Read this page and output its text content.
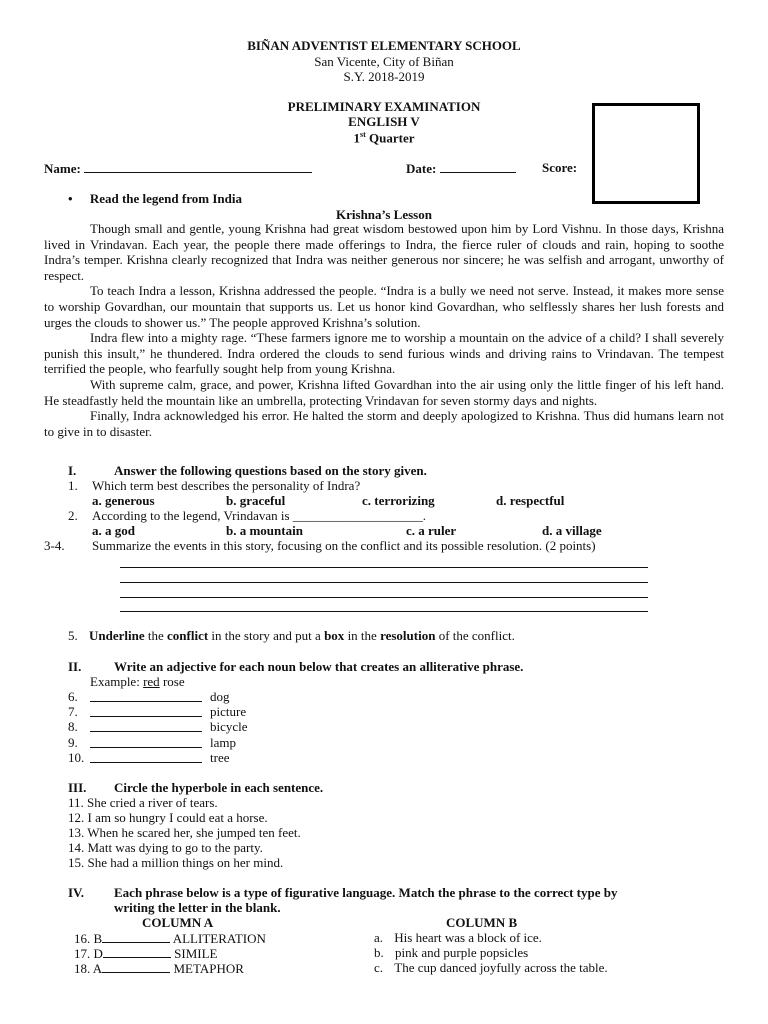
BIÑAN ADVENTIST ELEMENTARY SCHOOL
San Vicente, City of Biñan
S.Y. 2018-2019
PRELIMINARY EXAMINATION
ENGLISH V
1st Quarter
Name:	Date:	Score:
• Read the legend from India
Krishna’s Lesson

Though small and gentle, young Krishna had great wisdom bestowed upon him by Lord Vishnu. In those days, Krishna lived in Vrindavan. Each year, the people there made offerings to Indra, the fierce ruler of clouds and rain, hoping to soothe Indra’s temper. Krishna clearly recognized that Indra was neither generous nor sincere; he was selfish and arrogant, unworthy of respect.

To teach Indra a lesson, Krishna addressed the people. “Indra is a bully we need not serve. Instead, it makes more sense to worship Govardhan, our mountain that supports us. Let us honor kind Govardhan, who selflessly shares her lush forests and urges the clouds to shower us.” The people approved Krishna’s solution.

Indra flew into a mighty rage. “These farmers ignore me to worship a mountain on the advice of a child? I shall severely punish this insult,” he thundered. Indra ordered the clouds to send furious winds and driving rains to Vrindavan. The tempest terrified the people, who fearfully sought help from young Krishna.

With supreme calm, grace, and power, Krishna lifted Govardhan into the air using only the little finger of his left hand. He steadfastly held the mountain like an umbrella, protecting Vrindavan for seven stormy days and nights.

Finally, Indra acknowledged his error. He halted the storm and deeply apologized to Krishna. Thus did humans learn not to give in to disaster.

I.	Answer the following questions based on the story given.
1. Which term best describes the personality of Indra?
a. generous	b. graceful	c. terrorizing	d. respectful
2. According to the legend, Vrindavan is ____________________.
a. a god	b. a mountain	c. a ruler	d. a village
3-4. Summarize the events in this story, focusing on the conflict and its possible resolution. (2 points)
5. Underline the conflict in the story and put a box in the resolution of the conflict.
II.	Write an adjective for each noun below that creates an alliterative phrase.
Example: red rose
6.	dog
7.	picture
8.	bicycle
9.	lamp
10.	tree
III. Circle the hyperbole in each sentence.
11. She cried a river of tears.
12. I am so hungry I could eat a horse.
13. When he scared her, she jumped ten feet.
14. Matt was dying to go to the party.
15. She had a million things on her mind.
IV. Each phrase below is a type of figurative language. Match the phrase to the correct type by
writing the letter in the blank.
COLUMN A	COLUMN B
16. B	ALLITERATION	a. His heart was a block of ice.
17. D	SIMILE	b. pink and purple popsicles
18. A	METAPHOR	c. The cup danced joyfully across the table.
